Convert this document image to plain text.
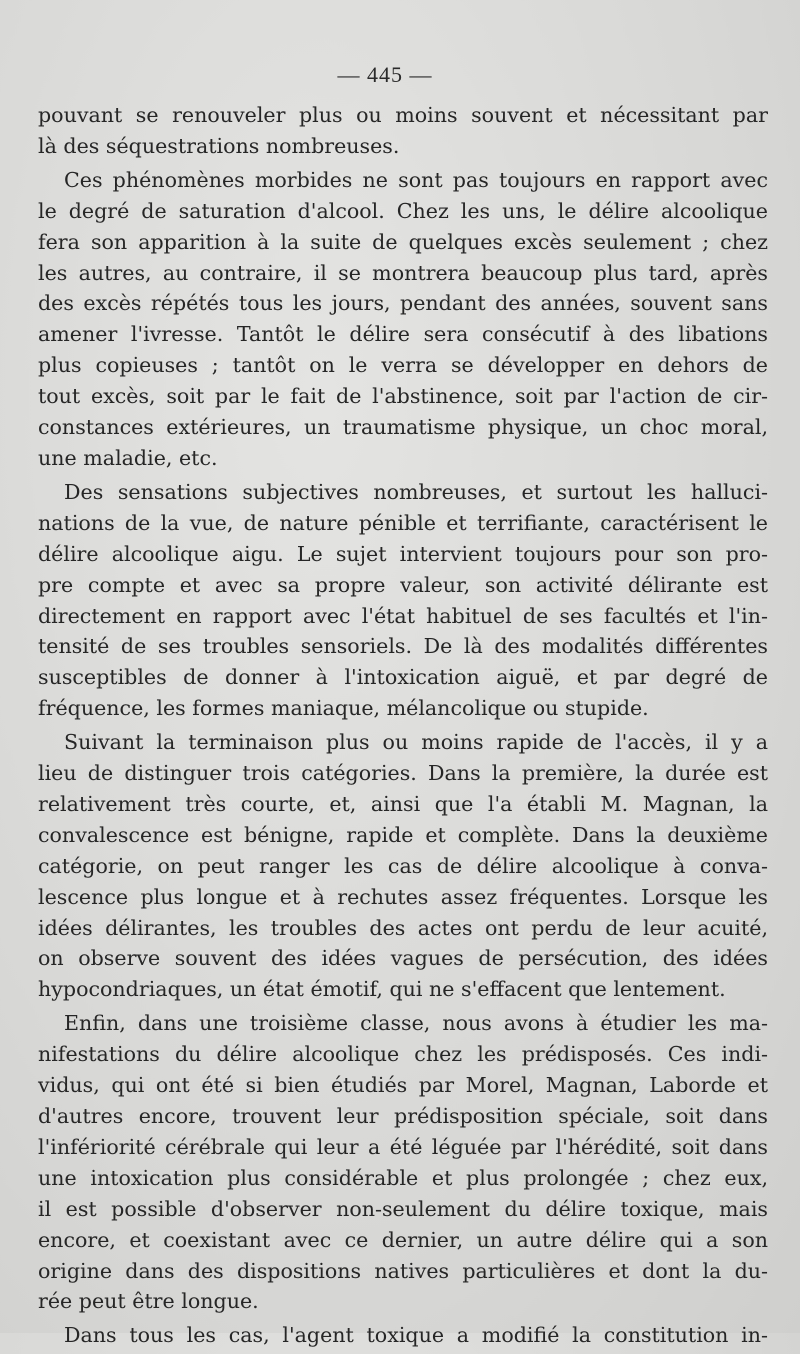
— 445 —
pouvant se renouveler plus ou moins souvent et nécessitant par
là des séquestrations nombreuses.
Ces phénomènes morbides ne sont pas toujours en rapport avec
le degré de saturation d'alcool. Chez les uns, le délire alcoolique
fera son apparition à la suite de quelques excès seulement ; chez
les autres, au contraire, il se montrera beaucoup plus tard, après
des excès répétés tous les jours, pendant des années, souvent sans
amener l'ivresse. Tantôt le délire sera consécutif à des libations
plus copieuses ; tantôt on le verra se développer en dehors de
tout excès, soit par le fait de l'abstinence, soit par l'action de cir-
constances extérieures, un traumatisme physique, un choc moral,
une maladie, etc.
Des sensations subjectives nombreuses, et surtout les halluci-
nations de la vue, de nature pénible et terrifiante, caractérisent le
délire alcoolique aigu. Le sujet intervient toujours pour son pro-
pre compte et avec sa propre valeur, son activité délirante est
directement en rapport avec l'état habituel de ses facultés et l'in-
tensité de ses troubles sensoriels. De là des modalités différentes
susceptibles de donner à l'intoxication aiguë, et par degré de
fréquence, les formes maniaque, mélancolique ou stupide.
Suivant la terminaison plus ou moins rapide de l'accès, il y a
lieu de distinguer trois catégories. Dans la première, la durée est
relativement très courte, et, ainsi que l'a établi M. Magnan, la
convalescence est bénigne, rapide et complète. Dans la deuxième
catégorie, on peut ranger les cas de délire alcoolique à conva-
lescence plus longue et à rechutes assez fréquentes. Lorsque les
idées délirantes, les troubles des actes ont perdu de leur acuité,
on observe souvent des idées vagues de persécution, des idées
hypocondriaques, un état émotif, qui ne s'effacent que lentement.
Enfin, dans une troisième classe, nous avons à étudier les ma-
nifestations du délire alcoolique chez les prédisposés. Ces indi-
vidus, qui ont été si bien étudiés par Morel, Magnan, Laborde et
d'autres encore, trouvent leur prédisposition spéciale, soit dans
l'infériorité cérébrale qui leur a été léguée par l'hérédité, soit dans
une intoxication plus considérable et plus prolongée ; chez eux,
il est possible d'observer non-seulement du délire toxique, mais
encore, et coexistant avec ce dernier, un autre délire qui a son
origine dans des dispositions natives particulières et dont la du-
rée peut être longue.
Dans tous les cas, l'agent toxique a modifié la constitution in-
